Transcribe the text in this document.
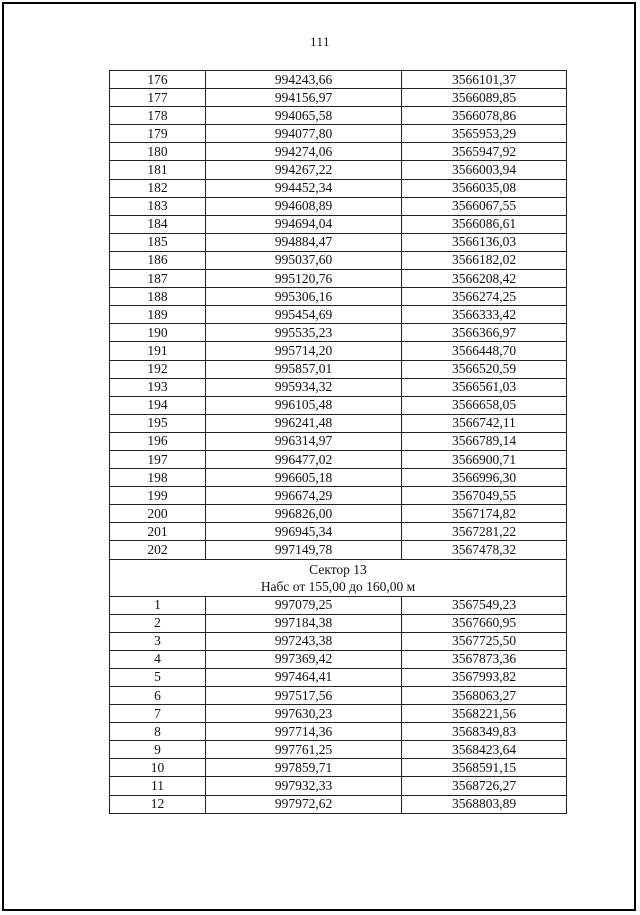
111
176	994243,66	3566101,37
177	994156,97	3566089,85
178	994065,58	3566078,86
179	994077,80	3565953,29
180	994274,06	3565947,92
181	994267,22	3566003,94
182	994452,34	3566035,08
183	994608,89	3566067,55
184	994694,04	3566086,61
185	994884,47	3566136,03
186	995037,60	3566182,02
187	995120,76	3566208,42
188	995306,16	3566274,25
189	995454,69	3566333,42
190	995535,23	3566366,97
191	995714,20	3566448,70
192	995857,01	3566520,59
193	995934,32	3566561,03
194	996105,48	3566658,05
195	996241,48	3566742,11
196	996314,97	3566789,14
197	996477,02	3566900,71
198	996605,18	3566996,30
199	996674,29	3567049,55
200	996826,00	3567174,82
201	996945,34	3567281,22
202	997149,78	3567478,32

Сектор 13
Набс от 155,00 до 160,00 м		

1	997079,25	3567549,23
2	997184,38	3567660,95
3	997243,38	3567725,50
4	997369,42	3567873,36
5	997464,41	3567993,82
6	997517,56	3568063,27
7	997630,23	3568221,56
8	997714,36	3568349,83
9	997761,25	3568423,64
10	997859,71	3568591,15
11	997932,33	3568726,27
12	997972,62	3568803,89
